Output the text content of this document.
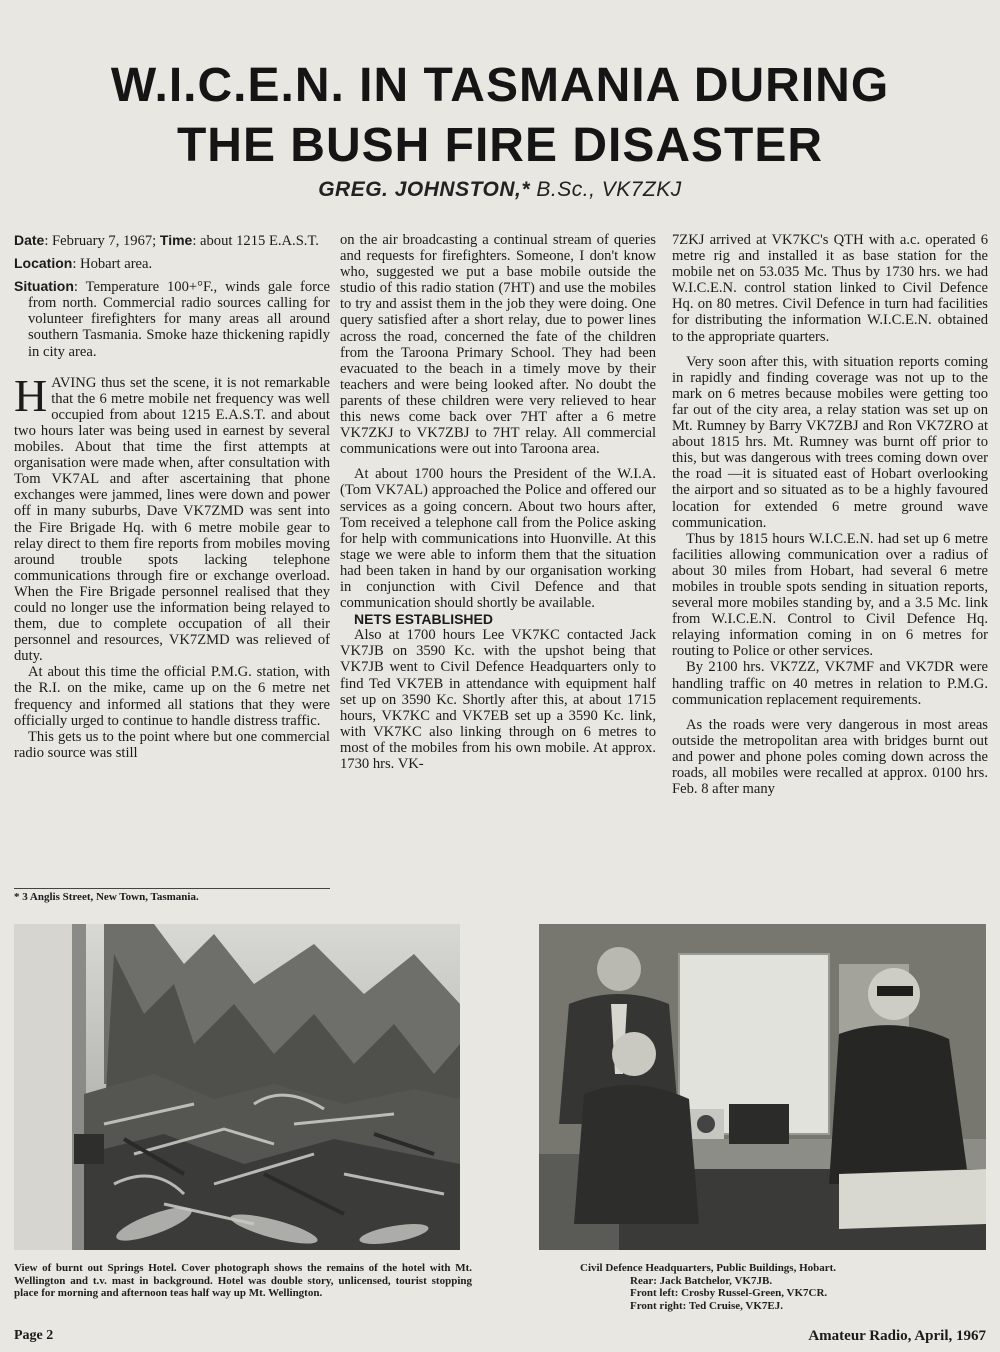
W.I.C.E.N. IN TASMANIA DURING
THE BUSH FIRE DISASTER
GREG. JOHNSTON,* B.Sc., VK7ZKJ

Date: February 7, 1967; Time: about 1215 E.A.S.T.

Location: Hobart area.

Situation: Temperature 100+°F., winds gale force from north. Commercial radio sources calling for volunteer firefighters for many areas all around southern Tasmania. Smoke haze thickening rapidly in city area.

HAVING thus set the scene, it is not remarkable that the 6 metre mobile net frequency was well occupied from about 1215 E.A.S.T. and about two hours later was being used in earnest by several mobiles. About that time the first attempts at organisation were made when, after consultation with Tom VK7AL and after ascertaining that phone exchanges were jammed, lines were down and power off in many suburbs, Dave VK7ZMD was sent into the Fire Brigade Hq. with 6 metre mobile gear to relay direct to them fire reports from mobiles moving around trouble spots lacking telephone communications through fire or exchange overload. When the Fire Brigade personnel realised that they could no longer use the information being relayed to them, due to complete occupation of all their personnel and resources, VK7ZMD was relieved of duty.

At about this time the official P.M.G. station, with the R.I. on the mike, came up on the 6 metre net frequency and informed all stations that they were officially urged to continue to handle distress traffic.

This gets us to the point where but one commercial radio source was still

* 3 Anglis Street, New Town, Tasmania.

on the air broadcasting a continual stream of queries and requests for firefighters. Someone, I don't know who, suggested we put a base mobile outside the studio of this radio station (7HT) and use the mobiles to try and assist them in the job they were doing. One query satisfied after a short relay, due to power lines across the road, concerned the fate of the children from the Taroona Primary School. They had been evacuated to the beach in a timely move by their teachers and were being looked after. No doubt the parents of these children were very relieved to hear this news come back over 7HT after a 6 metre VK7ZKJ to VK7ZBJ to 7HT relay. All commercial communications were out into Taroona area.

At about 1700 hours the President of the W.I.A. (Tom VK7AL) approached the Police and offered our services as a going concern. About two hours after, Tom received a telephone call from the Police asking for help with communications into Huonville. At this stage we were able to inform them that the situation had been taken in hand by our organisation working in conjunction with Civil Defence and that communication should shortly be available.

NETS ESTABLISHED

Also at 1700 hours Lee VK7KC contacted Jack VK7JB on 3590 Kc. with the upshot being that VK7JB went to Civil Defence Headquarters only to find Ted VK7EB in attendance with equipment half set up on 3590 Kc. Shortly after this, at about 1715 hours, VK7KC and VK7EB set up a 3590 Kc. link, with VK7KC also linking through on 6 metres to most of the mobiles from his own mobile. At approx. 1730 hrs. VK-

7ZKJ arrived at VK7KC's QTH with a.c. operated 6 metre rig and installed it as base station for the mobile net on 53.035 Mc. Thus by 1730 hrs. we had W.I.C.E.N. control station linked to Civil Defence Hq. on 80 metres. Civil Defence in turn had facilities for distributing the information W.I.C.E.N. obtained to the appropriate quarters.

Very soon after this, with situation reports coming in rapidly and finding coverage was not up to the mark on 6 metres because mobiles were getting too far out of the city area, a relay station was set up on Mt. Rumney by Barry VK7ZBJ and Ron VK7ZRO at about 1815 hrs. Mt. Rumney was burnt off prior to this, but was dangerous with trees coming down over the road —it is situated east of Hobart overlooking the airport and so situated as to be a highly favoured location for extended 6 metre ground wave communication.

Thus by 1815 hours W.I.C.E.N. had set up 6 metre facilities allowing communication over a radius of about 30 miles from Hobart, had several 6 metre mobiles in trouble spots sending in situation reports, several more mobiles standing by, and a 3.5 Mc. link from W.I.C.E.N. Control to Civil Defence Hq. relaying information coming in on 6 metres for routing to Police or other services.

By 2100 hrs. VK7ZZ, VK7MF and VK7DR were handling traffic on 40 metres in relation to P.M.G. communication replacement requirements.

As the roads were very dangerous in most areas outside the metropolitan area with bridges burnt out and power and phone poles coming down across the roads, all mobiles were recalled at approx. 0100 hrs. Feb. 8 after many

View of burnt out Springs Hotel. Cover photograph shows the remains of the hotel with Mt. Wellington and t.v. mast in background. Hotel was double story, unlicensed, tourist stopping place for morning and afternoon teas half way up Mt. Wellington.
Civil Defence Headquarters, Public Buildings, Hobart.
Rear: Jack Batchelor, VK7JB.
Front left: Crosby Russel-Green, VK7CR.
Front right: Ted Cruise, VK7EJ.
Page 2	Amateur Radio, April, 1967
